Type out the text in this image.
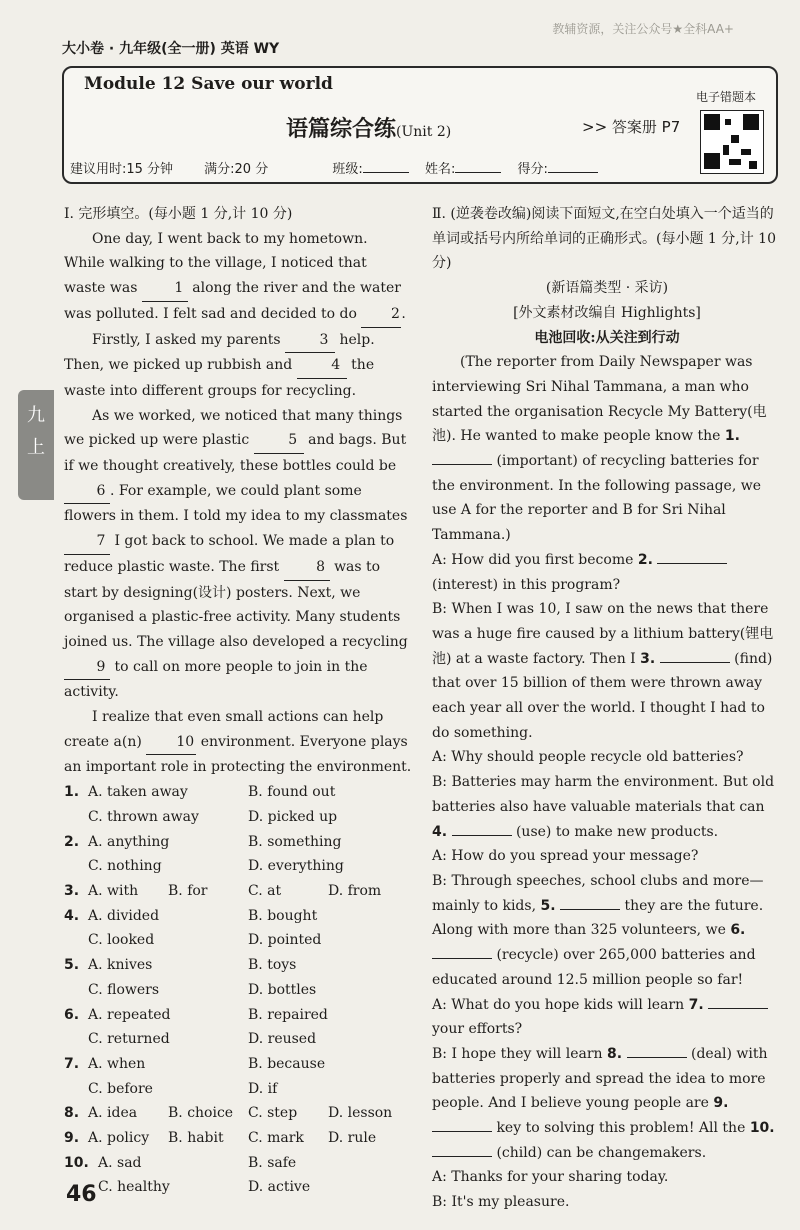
大小卷 · 九年级(全一册) 英语 WY
教辅资源，关注公众号★全科AA+
Module 12 Save our world
语篇综合练(Unit 2)	>> 答案册 P7
电子错题本
建议用时:15 分钟 满分:20 分	班级:	姓名:	得分:
九
上

Ⅰ. 完形填空。(每小题 1 分,计 10 分)

One day, I went back to my hometown. While walking to the village, I noticed that waste was	1 along the river and the water was polluted. I felt sad and decided to do 2 .

Firstly, I asked my parents	3 help. Then, we picked up rubbish and	4 the waste into different groups for recycling.

As we worked, we noticed that many things we picked up were plastic	5 and bags. But if we thought creatively, these bottles could be 6 . For example, we could plant some flowers in them. I told my idea to my classmates 7 I got back to school. We made a plan to reduce plastic waste. The first	8 was to start by designing(设计) posters. Next, we organised a plastic-free activity. Many students joined us. The village also developed a recycling 9 to call on more people to join in the activity.

I realize that even small actions can help create a(n) 10 environment. Everyone plays an important role in protecting the environment.

1. A. taken away	B. found out
C. thrown away	D. picked up
2. A. anything	B. something
C. nothing	D. everything
3. A. with	B. for	C. at	D. from
4. A. divided	B. bought
C. looked	D. pointed
5. A. knives	B. toys
C. flowers	D. bottles
6. A. repeated	B. repaired
C. returned	D. reused
7. A. when	B. because
C. before	D. if
8. A. idea	B. choice	C. step	D. lesson
9. A. policy	B. habit	C. mark	D. rule
10. A. sad	B. safe
C. healthy	D. active

Ⅱ. (逆袭卷改编)阅读下面短文,在空白处填入一个适当的单词或括号内所给单词的正确形式。(每小题 1 分,计 10 分)

(新语篇类型 · 采访)

[外文素材改编自 Highlights]

电池回收:从关注到行动

(The reporter from Daily Newspaper was interviewing Sri Nihal Tammana, a man who started the organisation Recycle My Battery(电池). He wanted to make people know the 1. (important) of recycling batteries for the environment. In the following passage, we use A for the reporter and B for Sri Nihal Tammana.)

A: How did you first become 2.  (interest) in this program?

B: When I was 10, I saw on the news that there was a huge fire caused by a lithium battery(锂电池) at a waste factory. Then I 3.	(find) that over 15 billion of them were thrown away each year all over the world. I thought I had to do something.

A: Why should people recycle old batteries?

B: Batteries may harm the environment. But old batteries also have valuable materials that can 4.	(use) to make new products.

A: How do you spread your message?

B: Through speeches, school clubs and more—mainly to kids, 5.	they are the future. Along with more than 325 volunteers, we 6.  (recycle) over 265,000 batteries and educated around 12.5 million people so far!

A: What do you hope kids will learn 7.  your efforts?

B: I hope they will learn 8.	(deal) with batteries properly and spread the idea to more people. And I believe young people are 9.  key to solving this problem! All the 10.  (child) can be changemakers.

A: Thanks for your sharing today.

B: It's my pleasure.

46
